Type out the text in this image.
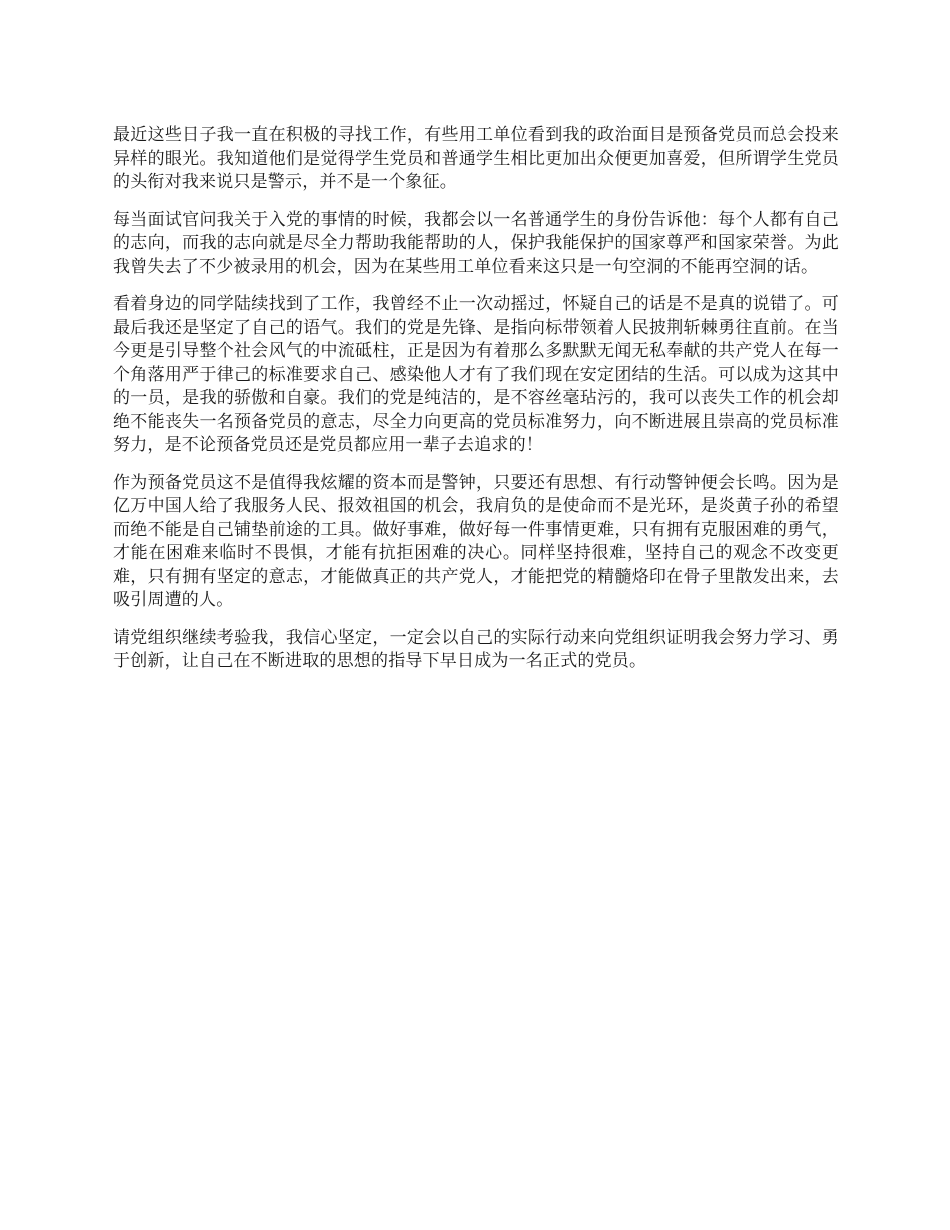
最近这些日子我一直在积极的寻找工作，有些用工单位看到我的政治面目是预备党员而总会投来异样的眼光。我知道他们是觉得学生党员和普通学生相比更加出众便更加喜爱，但所谓学生党员的头衔对我来说只是警示，并不是一个象征。

每当面试官问我关于入党的事情的时候，我都会以一名普通学生的身份告诉他：每个人都有自己的志向，而我的志向就是尽全力帮助我能帮助的人，保护我能保护的国家尊严和国家荣誉。为此我曾失去了不少被录用的机会，因为在某些用工单位看来这只是一句空洞的不能再空洞的话。

看着身边的同学陆续找到了工作，我曾经不止一次动摇过，怀疑自己的话是不是真的说错了。可最后我还是坚定了自己的语气。我们的党是先锋、是指向标带领着人民披荆斩棘勇往直前。在当今更是引导整个社会风气的中流砥柱，正是因为有着那么多默默无闻无私奉献的共产党人在每一个角落用严于律己的标准要求自己、感染他人才有了我们现在安定团结的生活。可以成为这其中的一员，是我的骄傲和自豪。我们的党是纯洁的，是不容丝毫玷污的，我可以丧失工作的机会却绝不能丧失一名预备党员的意志，尽全力向更高的党员标准努力，向不断进展且崇高的党员标准努力，是不论预备党员还是党员都应用一辈子去追求的！

作为预备党员这不是值得我炫耀的资本而是警钟，只要还有思想、有行动警钟便会长鸣。因为是亿万中国人给了我服务人民、报效祖国的机会，我肩负的是使命而不是光环，是炎黄子孙的希望而绝不能是自己铺垫前途的工具。做好事难，做好每一件事情更难，只有拥有克服困难的勇气，才能在困难来临时不畏惧，才能有抗拒困难的决心。同样坚持很难，坚持自己的观念不改变更难，只有拥有坚定的意志，才能做真正的共产党人，才能把党的精髓烙印在骨子里散发出来，去吸引周遭的人。

请党组织继续考验我，我信心坚定，一定会以自己的实际行动来向党组织证明我会努力学习、勇于创新，让自己在不断进取的思想的指导下早日成为一名正式的党员。
